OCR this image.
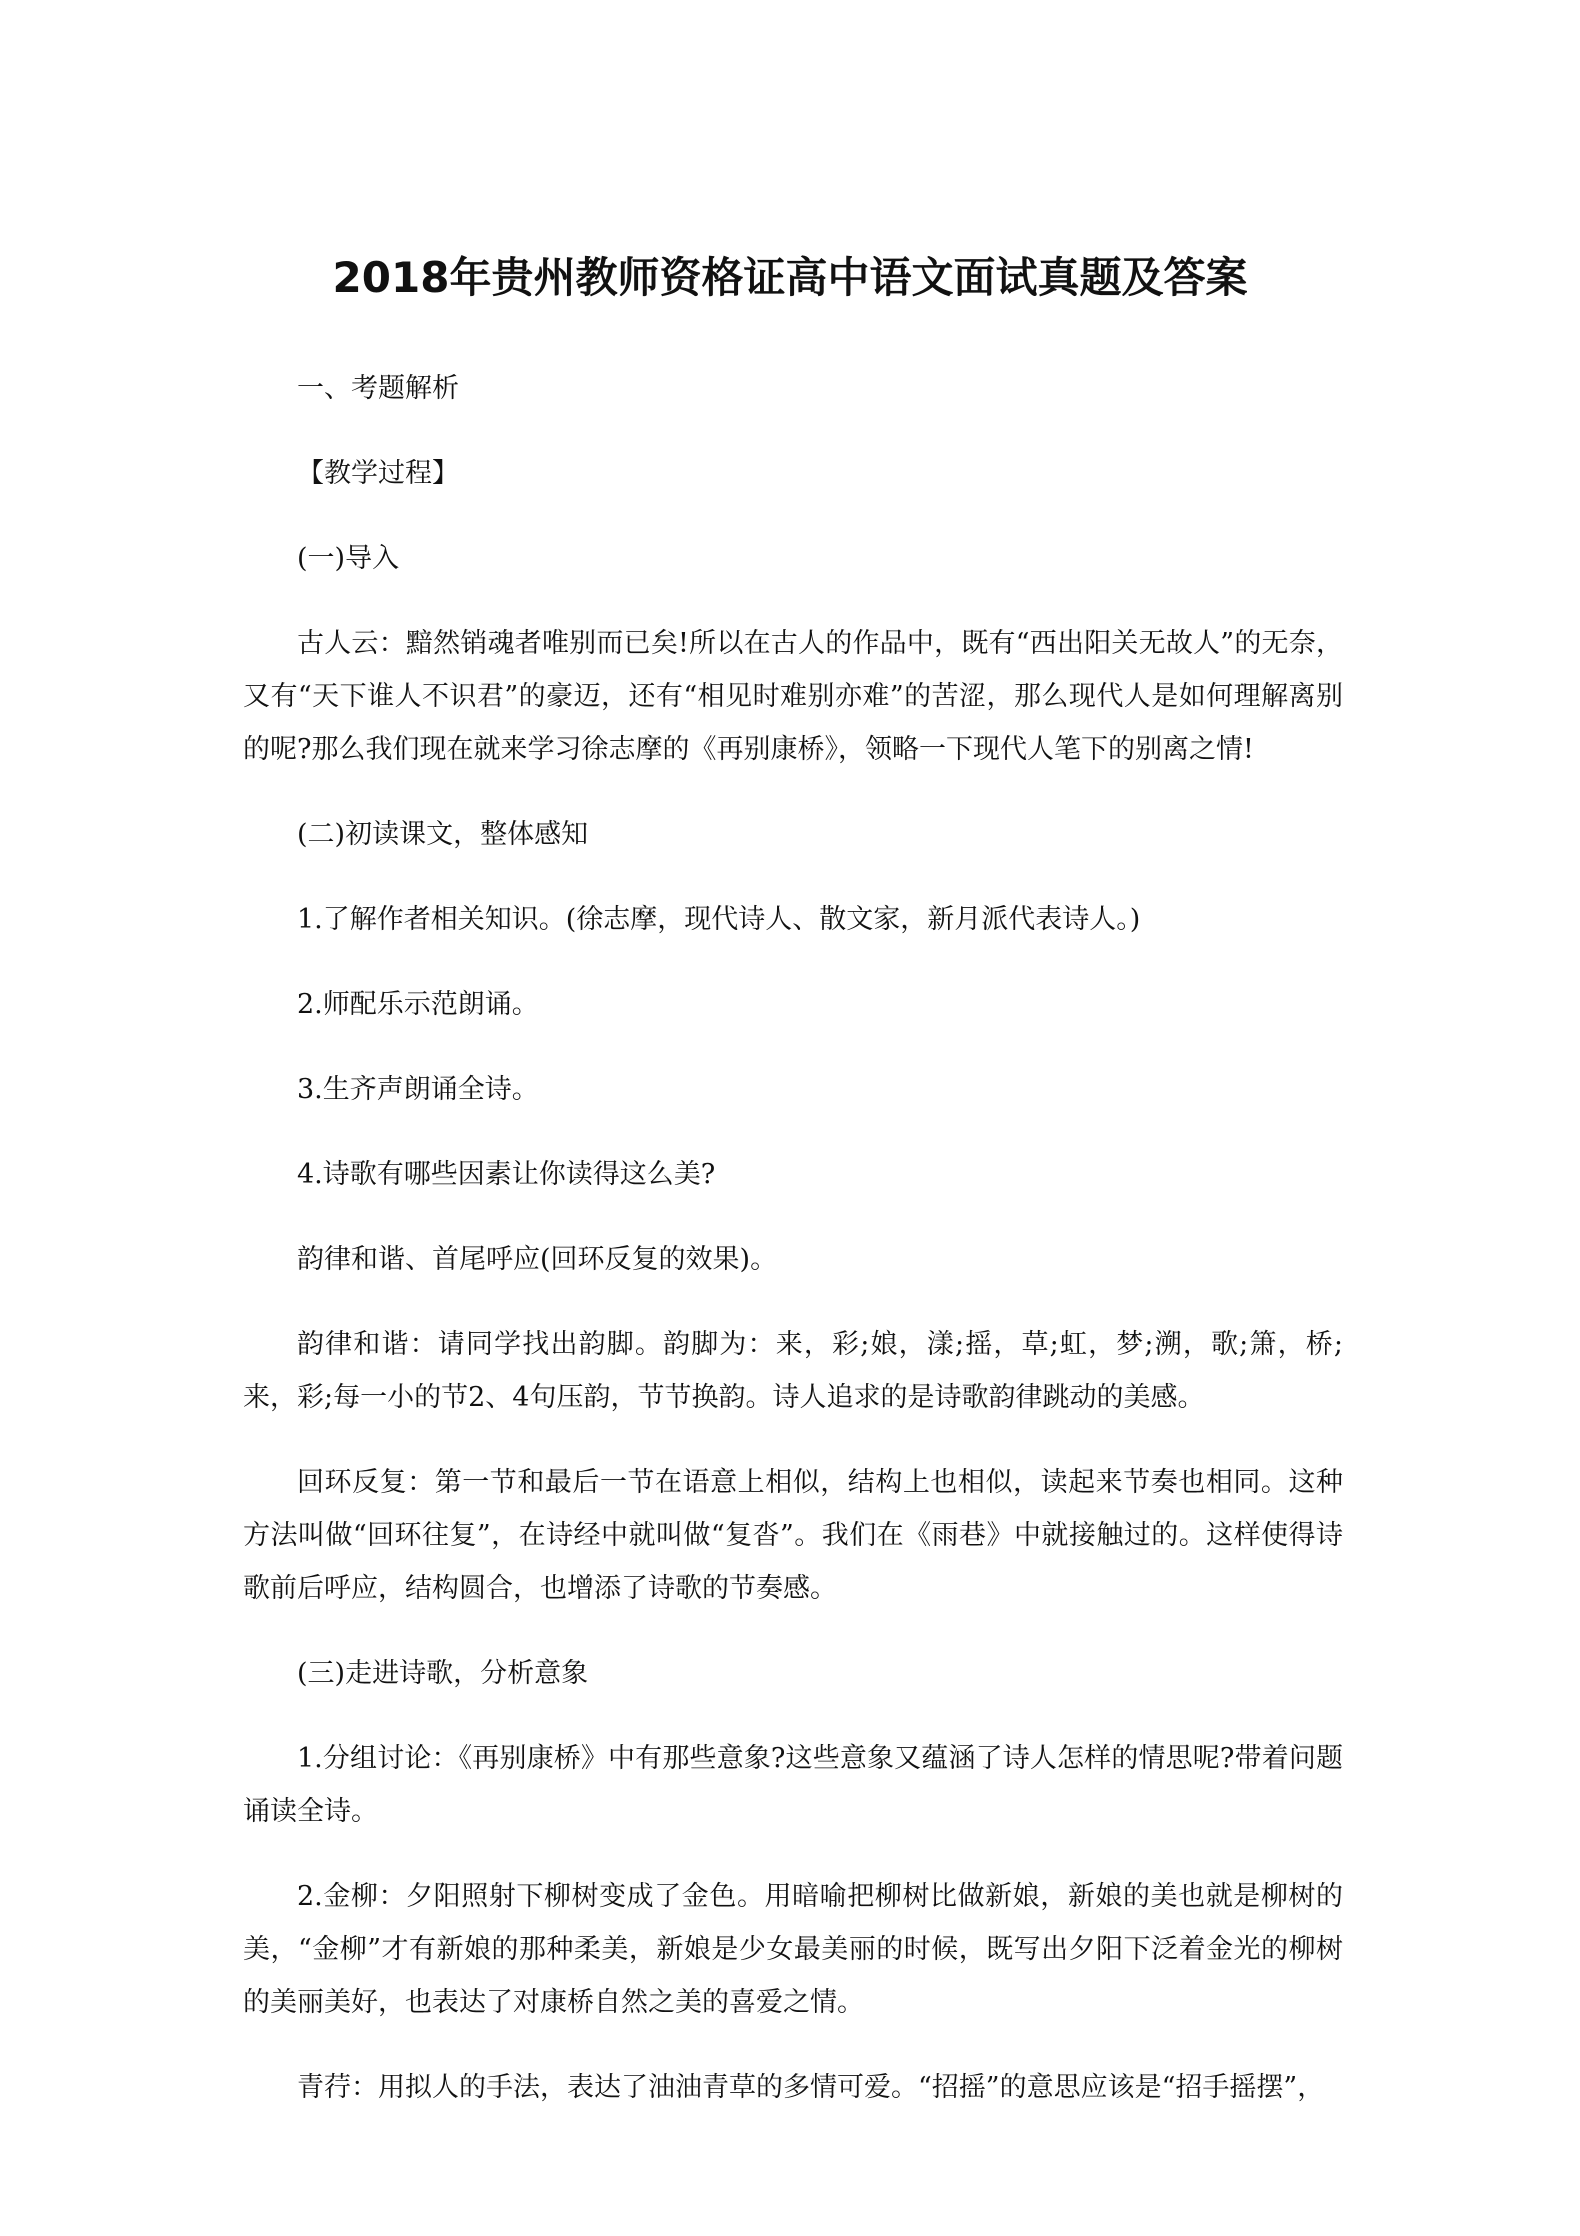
2018年贵州教师资格证高中语文面试真题及答案

一、考题解析

【教学过程】

(一)导入

古人云：黯然销魂者唯别而已矣!所以在古人的作品中，既有“西出阳关无故人”的无奈，又有“天下谁人不识君”的豪迈，还有“相见时难别亦难”的苦涩，那么现代人是如何理解离别的呢?那么我们现在就来学习徐志摩的《再别康桥》，领略一下现代人笔下的别离之情!

(二)初读课文，整体感知

1.了解作者相关知识。(徐志摩，现代诗人、散文家，新月派代表诗人。)

2.师配乐示范朗诵。

3.生齐声朗诵全诗。

4.诗歌有哪些因素让你读得这么美?

韵律和谐、首尾呼应(回环反复的效果)。

韵律和谐：请同学找出韵脚。韵脚为：来，彩;娘，漾;摇，草;虹，梦;溯，歌;箫，桥;来，彩;每一小的节2、4句压韵，节节换韵。诗人追求的是诗歌韵律跳动的美感。

回环反复：第一节和最后一节在语意上相似，结构上也相似，读起来节奏也相同。这种方法叫做“回环往复”，在诗经中就叫做“复沓”。我们在《雨巷》中就接触过的。这样使得诗歌前后呼应，结构圆合，也增添了诗歌的节奏感。

(三)走进诗歌，分析意象

1.分组讨论：《再别康桥》中有那些意象?这些意象又蕴涵了诗人怎样的情思呢?带着问题诵读全诗。

2.金柳：夕阳照射下柳树变成了金色。用暗喻把柳树比做新娘，新娘的美也就是柳树的美，“金柳”才有新娘的那种柔美，新娘是少女最美丽的时候，既写出夕阳下泛着金光的柳树的美丽美好，也表达了对康桥自然之美的喜爱之情。

青荇：用拟人的手法，表达了油油青草的多情可爱。“招摇”的意思应该是“招手摇摆”，
